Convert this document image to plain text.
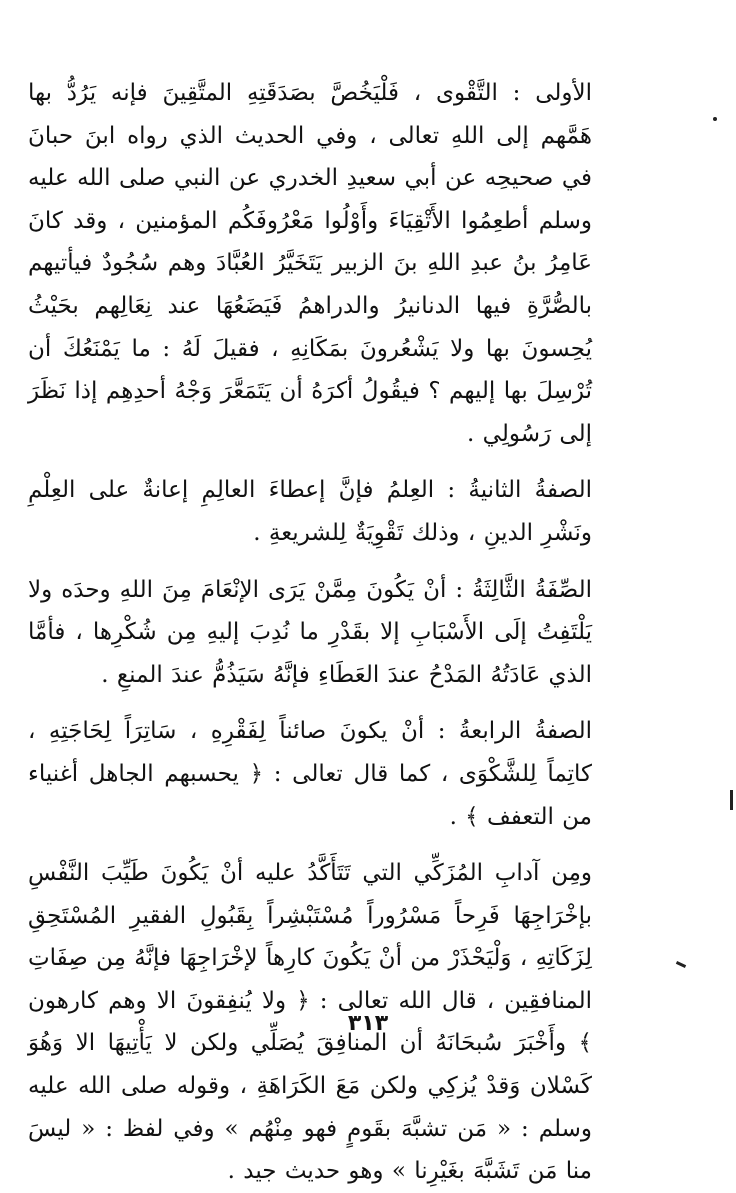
الأولى : التَّقْوى ، فَلْيَخُصَّ بصَدَقَتِهِ المتَّقِينَ فإنه يَرُدُّ بها هَمَّهم إلى اللهِ تعالى ، وفي الحديث الذي رواه ابنَ حبانَ في صحيحِه عن أبي سعيدِ الخدري عن النبي صلى الله عليه وسلم أطعِمُوا الأَتْقِيَاءَ وأَوْلُوا مَعْرُوفَكُم المؤمنين ، وقد كانَ عَامِرُ بنُ عبدِ اللهِ بنَ الزبير يَتَخَيَّرُ العُبَّادَ وهم سُجُودٌ فيأتيهم بالصُّرَّةِ فيها الدنانيرُ والدراهمُ فَيَضَعُهَا عند نِعَالِهم بحَيْثُ يُحِسونَ بها ولا يَشْعُرونَ بمَكَانِهِ ، فقيلَ لَهُ : ما يَمْنَعُكَ أن تُرْسِلَ بها إليهم ؟ فيقُولُ أكرَهُ أن يَتَمَعَّرَ وَجْهُ أحدِهِم إذا نَظَرَ إلى رَسُولِي .

الصفةُ الثانيةُ : العِلمُ فإنَّ إعطاءَ العالِمِ إعانةٌ على العِلْمِ ونَشْرِ الدينِ ، وذلك تَقْوِيَةٌ لِلشريعةِ .

الصِّفَةُ الثَّالِثَةُ : أنْ يَكُونَ مِمَّنْ يَرَى الإنْعَامَ مِنَ اللهِ وحدَه ولا يَلْتَفِتُ إلَى الأَسْبَابِ إلا بقَدْرِ ما نُدِبَ إليهِ مِن شُكْرِها ، فأمَّا الذي عَادَتُهُ المَدْحُ عندَ العَطَاءِ فإنَّهُ سَيَذُمُّ عندَ المنعِ .

الصفةُ الرابعةُ : أنْ يكونَ صائناً لِفَقْرِهِ ، سَاتِرَاً لِحَاجَتِهِ ، كاتِماً لِلشَّكْوَى ، كما قال تعالى : ﴿ يحسبهم الجاهل أغنياء من التعفف ﴾ .

ومِن آدابِ المُزَكِّي التي تَتَأَكَّدُ عليه أنْ يَكُونَ طَيِّبَ النَّفْسِ بإخْرَاجِهَا فَرِحاً مَسْرُوراً مُسْتَبْشِراً بِقَبُولِ الفقيرِ المُسْتَحِقِ لِزَكَاتِهِ ، وَلْيَحْذَرْ من أنْ يَكُونَ كارِهاً لإخْرَاجِهَا فإنَّهُ مِن صِفَاتِ المنافقِين ، قال الله تعالى : ﴿ ولا يُنفِقونَ الا وهم كارهون ﴾ وأَخْبَرَ سُبحَانَهُ أن المنافِقَ يُصَلِّي ولكن لا يَأْتِيهَا الا وَهُوَ كَسْلان وَقدْ يُزكِي ولكن مَعَ الكَرَاهَةِ ، وقوله صلى الله عليه وسلم : « مَن تشبَّهَ بقَومٍ فهو مِنْهُم » وفي لفظ : « ليسَ منا مَن تَشَبَّهَ بغَيْرِنا » وهو حديث جيد .

٣١٣
